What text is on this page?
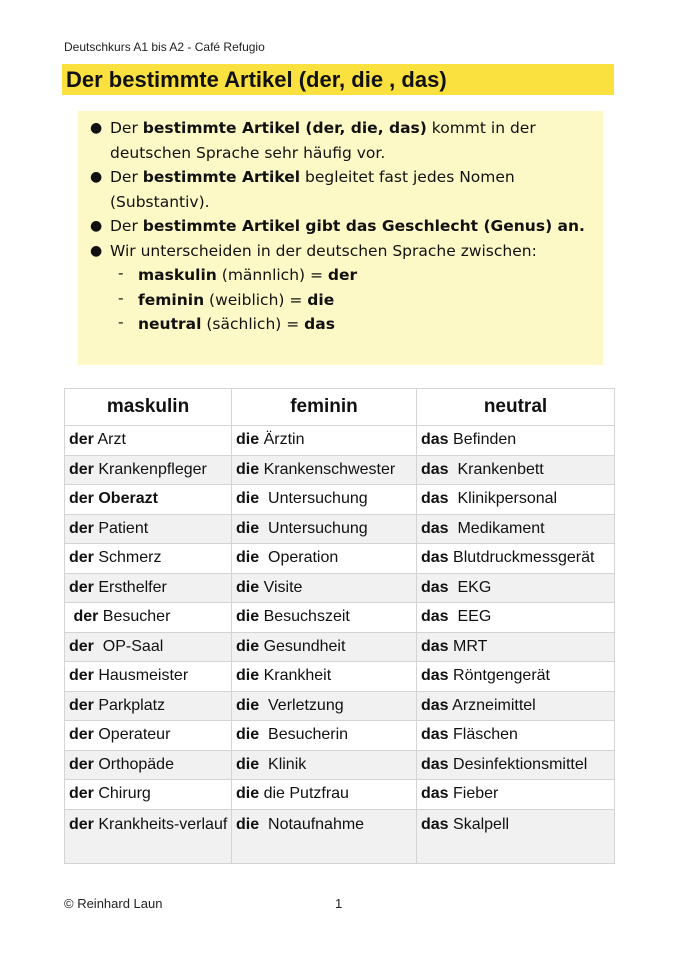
Deutschkurs A1 bis A2 - Café Refugio
Der bestimmte Artikel (der, die , das)
● Der bestimmte Artikel (der, die, das) kommt in der deutschen Sprache sehr häufig vor.
● Der bestimmte Artikel begleitet fast jedes Nomen (Substantiv).
● Der bestimmte Artikel gibt das Geschlecht (Genus) an.
● Wir unterscheiden in der deutschen Sprache zwischen:
- maskulin (männlich) = der
- feminin (weiblich) = die
- neutral (sächlich) = das
maskulin	feminin	neutral
der Arzt	die Ärztin	das Befinden
der Krankenpfleger	die Krankenschwester	das  Krankenbett
der Oberazt	die  Untersuchung	das  Klinikpersonal
der Patient	die  Untersuchung	das  Medikament
der Schmerz	die  Operation	das Blutdruckmessgerät
der Ersthelfer	die Visite	das  EKG
der Besucher	die Besuchszeit	das  EEG
der  OP-Saal	die Gesundheit	das MRT
der Hausmeister	die Krankheit	das Röntgengerät
der Parkplatz	die  Verletzung	das Arzneimittel
der Operateur	die  Besucherin	das Fläschen
der Orthopäde	die  Klinik	das Desinfektionsmittel
der Chirurg	die die Putzfrau	das Fieber
der Krankheits-verlauf	die  Notaufnahme	das Skalpell
© Reinhard Laun	1
